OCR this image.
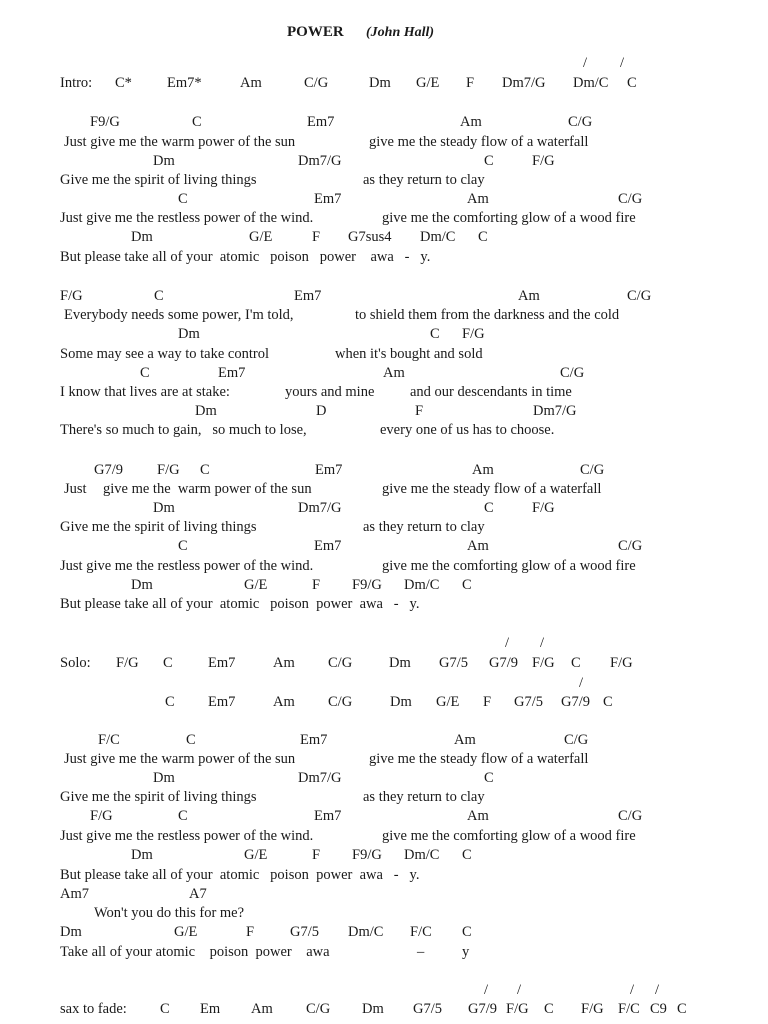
POWER (John Hall)
/ /
Intro: C* Em7*	Am	C/G	Dm G/E F Dm7/G Dm/C C
F9/G	C	Em7	Am	C/G
Just give me the warm power of the sun	give me the steady flow of a waterfall
Dm	Dm7/G	C	F/G
Give me the spirit of living things	as they return to clay
C	Em7	Am	C/G
Just give me the restless power of the wind.	give me the comforting glow of a wood fire
Dm	G/E	F G7sus4 Dm/C C
But please take all of your  atomic   poison   power    awa   -   y.
F/G	C	Em7	Am	C/G
Everybody needs some power, I'm told,	to shield them from the darkness and the cold
Dm	C F/G
Some may see a way to take control	when it's bought and sold
C	Em7	Am	C/G
I know that lives are at stake:	yours and mine and our descendants in time
Dm	D	F	Dm7/G
There's so much to gain,   so much to lose,	every one of us has to choose.
G7/9 F/G C	Em7	Am	C/G
Just give me the  warm power of the sun	give me the steady flow of a waterfall
Dm	Dm7/G	C	F/G
Give me the spirit of living things	as they return to clay
C	Em7	Am	C/G
Just give me the restless power of the wind.	give me the comforting glow of a wood fire
Dm	G/E	F F9/G Dm/C C
But please take all of your  atomic   poison  power  awa   -   y.
/ /
Solo: F/G C Em7	Am C/G	Dm G7/5 G7/9 F/G C F/G
/
C Em7	Am C/G	Dm G/E F G7/5 G7/9 C
F/C	C	Em7	Am	C/G
Just give me the warm power of the sun	give me the steady flow of a waterfall
Dm	Dm7/G	C
Give me the spirit of living things	as they return to clay
F/G	C	Em7	Am	C/G
Just give me the restless power of the wind.	give me the comforting glow of a wood fire
Dm	G/E	F F9/G Dm/C C
But please take all of your  atomic   poison  power  awa   -   y.
Am7	A7
Won't you do this for me?
Dm	G/E	F G7/5 Dm/C F/C C
Take all of your atomic    poison  power    awa	–	y
/ /	/ /
sax to fade: C Em Am C/G Dm G7/5 G7/9 F/G C F/G F/C C9 C
